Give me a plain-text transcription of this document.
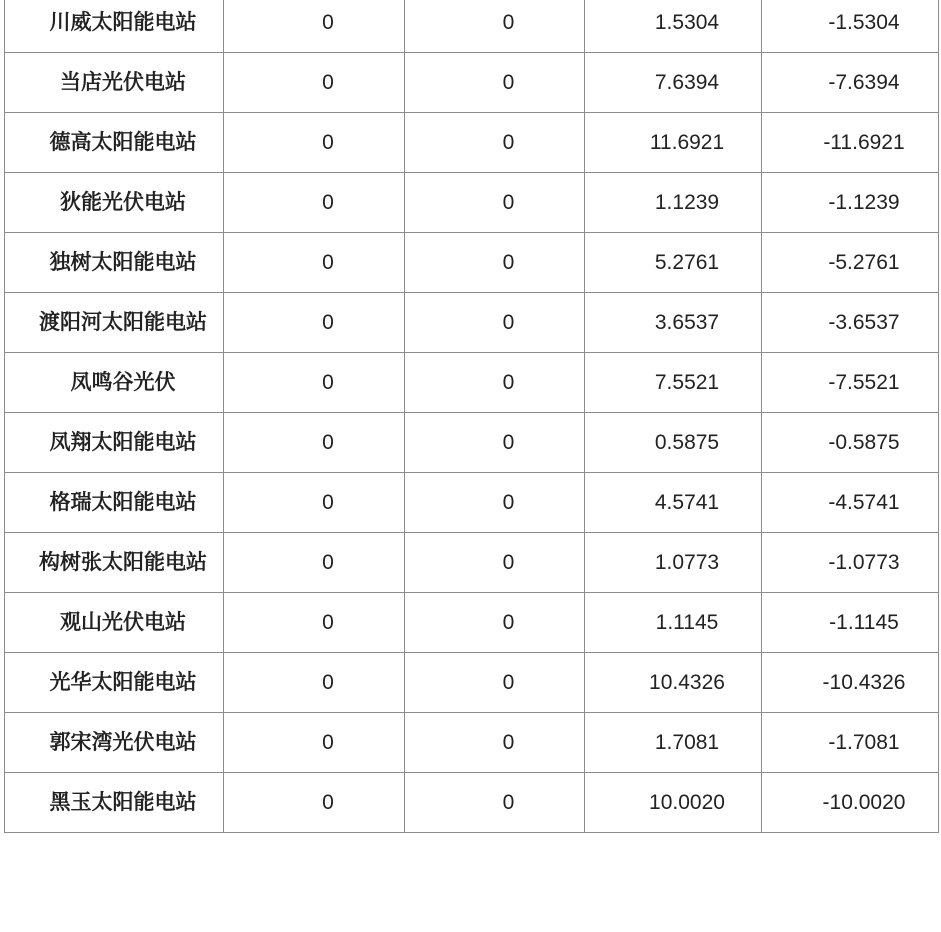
川威太阳能电站	0	0	1.5304	-1.5304
当店光伏电站	0	0	7.6394	-7.6394
德高太阳能电站	0	0	11.6921	-11.6921
狄能光伏电站	0	0	1.1239	-1.1239
独树太阳能电站	0	0	5.2761	-5.2761
渡阳河太阳能电站	0	0	3.6537	-3.6537
凤鸣谷光伏	0	0	7.5521	-7.5521
凤翔太阳能电站	0	0	0.5875	-0.5875
格瑞太阳能电站	0	0	4.5741	-4.5741
构树张太阳能电站	0	0	1.0773	-1.0773
观山光伏电站	0	0	1.1145	-1.1145
光华太阳能电站	0	0	10.4326	-10.4326
郭宋湾光伏电站	0	0	1.7081	-1.7081
黑玉太阳能电站	0	0	10.0020	-10.0020
